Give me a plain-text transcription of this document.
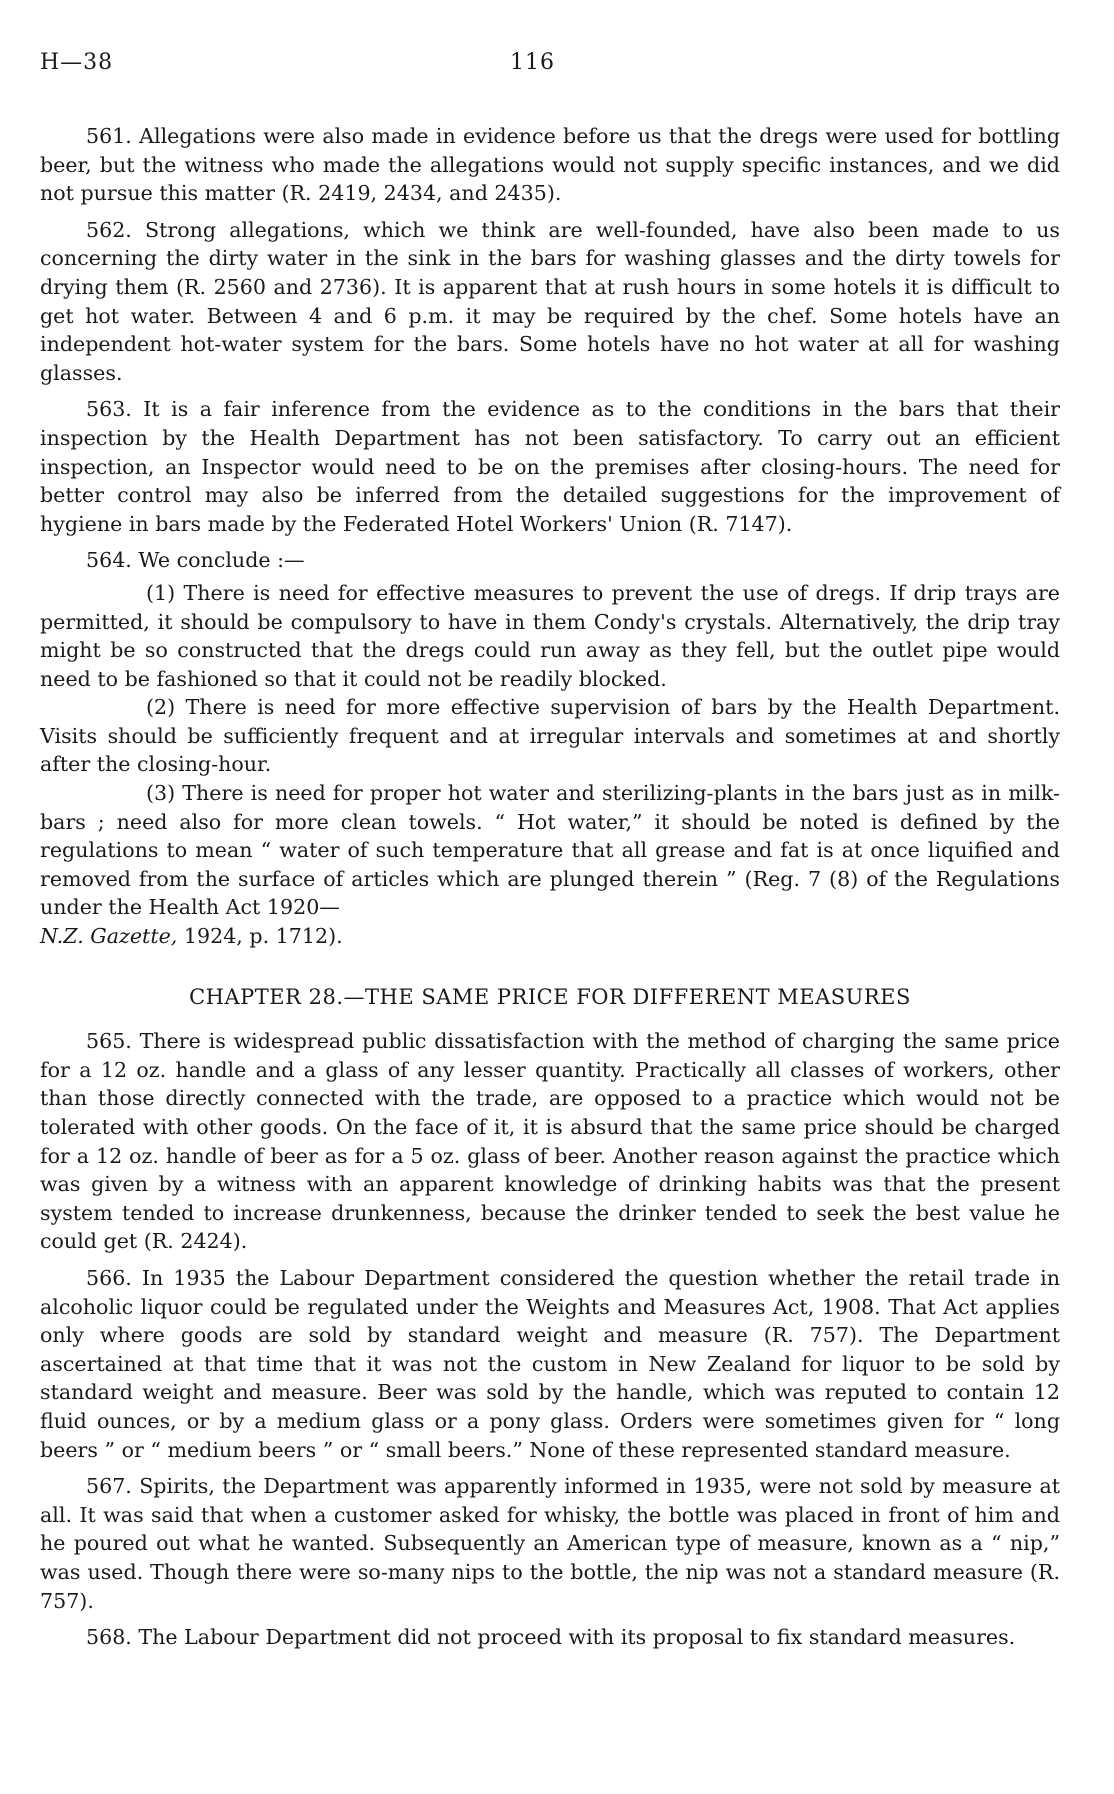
H—38	116

561. Allegations were also made in evidence before us that the dregs were used for bottling beer, but the witness who made the allegations would not supply specific instances, and we did not pursue this matter (R. 2419, 2434, and 2435).

562. Strong allegations, which we think are well-founded, have also been made to us concerning the dirty water in the sink in the bars for washing glasses and the dirty towels for drying them (R. 2560 and 2736). It is apparent that at rush hours in some hotels it is difficult to get hot water. Between 4 and 6 p.m. it may be required by the chef. Some hotels have an independent hot-water system for the bars. Some hotels have no hot water at all for washing glasses.

563. It is a fair inference from the evidence as to the conditions in the bars that their inspection by the Health Department has not been satisfactory. To carry out an efficient inspection, an Inspector would need to be on the premises after closing-hours. The need for better control may also be inferred from the detailed suggestions for the improvement of hygiene in bars made by the Federated Hotel Workers' Union (R. 7147).

564. We conclude :—

(1) There is need for effective measures to prevent the use of dregs. If drip trays are permitted, it should be compulsory to have in them Condy's crystals. Alternatively, the drip tray might be so constructed that the dregs could run away as they fell, but the outlet pipe would need to be fashioned so that it could not be readily blocked.

(2) There is need for more effective supervision of bars by the Health Department. Visits should be sufficiently frequent and at irregular intervals and sometimes at and shortly after the closing-hour.

(3) There is need for proper hot water and sterilizing-plants in the bars just as in milk-bars ; need also for more clean towels. “ Hot water,” it should be noted is defined by the regulations to mean “ water of such temperature that all grease and fat is at once liquified and removed from the surface of articles which are plunged therein ” (Reg. 7 (8) of the Regulations under the Health Act 1920—
N.Z. Gazette, 1924, p. 1712).

CHAPTER 28.—THE SAME PRICE FOR DIFFERENT MEASURES

565. There is widespread public dissatisfaction with the method of charging the same price for a 12 oz. handle and a glass of any lesser quantity. Practically all classes of workers, other than those directly connected with the trade, are opposed to a practice which would not be tolerated with other goods. On the face of it, it is absurd that the same price should be charged for a 12 oz. handle of beer as for a 5 oz. glass of beer. Another reason against the practice which was given by a witness with an apparent knowledge of drinking habits was that the present system tended to increase drunkenness, because the drinker tended to seek the best value he could get (R. 2424).

566. In 1935 the Labour Department considered the question whether the retail trade in alcoholic liquor could be regulated under the Weights and Measures Act, 1908. That Act applies only where goods are sold by standard weight and measure (R. 757). The Department ascertained at that time that it was not the custom in New Zealand for liquor to be sold by standard weight and measure. Beer was sold by the handle, which was reputed to contain 12 fluid ounces, or by a medium glass or a pony glass. Orders were sometimes given for “ long beers ” or “ medium beers ” or “ small beers.” None of these represented standard measure.

567. Spirits, the Department was apparently informed in 1935, were not sold by measure at all. It was said that when a customer asked for whisky, the bottle was placed in front of him and he poured out what he wanted. Subsequently an American type of measure, known as a “ nip,” was used. Though there were so-many nips to the bottle, the nip was not a standard measure (R. 757).

568. The Labour Department did not proceed with its proposal to fix standard measures.
